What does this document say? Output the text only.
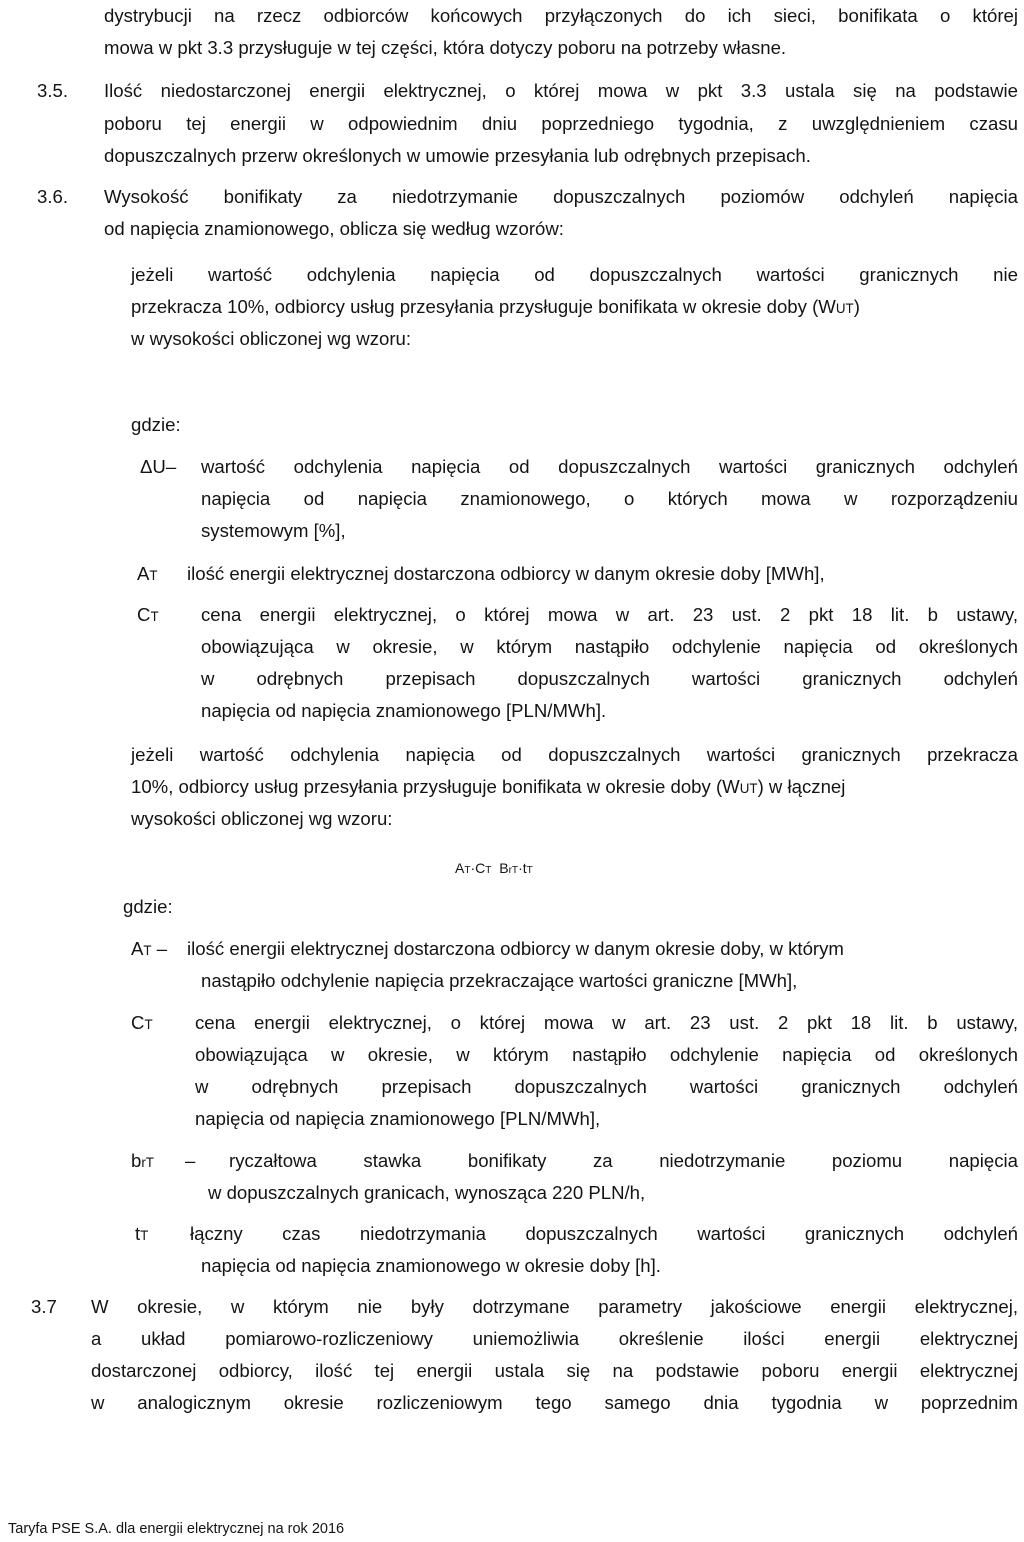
dystrybucji na rzecz odbiorców końcowych przyłączonych do ich sieci, bonifikata o której
mowa w pkt 3.3 przysługuje w tej części, która dotyczy poboru na potrzeby własne.
3.5. Ilość niedostarczonej energii elektrycznej, o której mowa w pkt 3.3 ustala się na podstawie
poboru tej energii w odpowiednim dniu poprzedniego tygodnia, z uwzględnieniem czasu
dopuszczalnych przerw określonych w umowie przesyłania lub odrębnych przepisach.
3.6. Wysokość bonifikaty za niedotrzymanie dopuszczalnych poziomów odchyleń napięcia
od napięcia znamionowego, oblicza się według wzorów:
jeżeli wartość odchylenia napięcia od dopuszczalnych wartości granicznych nie
przekracza 10%, odbiorcy usług przesyłania przysługuje bonifikata w okresie doby (WUT)
w wysokości obliczonej wg wzoru:
gdzie:
ΔU– wartość odchylenia napięcia od dopuszczalnych wartości granicznych odchyleń
napięcia od napięcia znamionowego, o których mowa w rozporządzeniu
systemowym [%],
AT ilość energii elektrycznej dostarczona odbiorcy w danym okresie doby [MWh],
CT cena energii elektrycznej, o której mowa w art. 23 ust. 2 pkt 18 lit. b ustawy,
obowiązująca w okresie, w którym nastąpiło odchylenie napięcia od określonych
w odrębnych przepisach dopuszczalnych wartości granicznych odchyleń
napięcia od napięcia znamionowego [PLN/MWh].
jeżeli wartość odchylenia napięcia od dopuszczalnych wartości granicznych przekracza
10%, odbiorcy usług przesyłania przysługuje bonifikata w okresie doby (WUT) w łącznej
wysokości obliczonej wg wzoru:
AT·CT BrT·tT
gdzie:
AT – ilość energii elektrycznej dostarczona odbiorcy w danym okresie doby, w którym
nastąpiło odchylenie napięcia przekraczające wartości graniczne [MWh],
CT cena energii elektrycznej, o której mowa w art. 23 ust. 2 pkt 18 lit. b ustawy,
obowiązująca w okresie, w którym nastąpiło odchylenie napięcia od określonych
w odrębnych przepisach dopuszczalnych wartości granicznych odchyleń
napięcia od napięcia znamionowego [PLN/MWh],
brT – ryczałtowa stawka bonifikaty za niedotrzymanie poziomu napięcia
w dopuszczalnych granicach, wynosząca 220 PLN/h,
tT łączny czas niedotrzymania dopuszczalnych wartości granicznych odchyleń
napięcia od napięcia znamionowego w okresie doby [h].
3.7 W okresie, w którym nie były dotrzymane parametry jakościowe energii elektrycznej,
a układ pomiarowo-rozliczeniowy uniemożliwia określenie ilości energii elektrycznej
dostarczonej odbiorcy, ilość tej energii ustala się na podstawie poboru energii elektrycznej
w analogicznym okresie rozliczeniowym tego samego dnia tygodnia w poprzednim
Taryfa PSE S.A. dla energii elektrycznej na rok 2016
